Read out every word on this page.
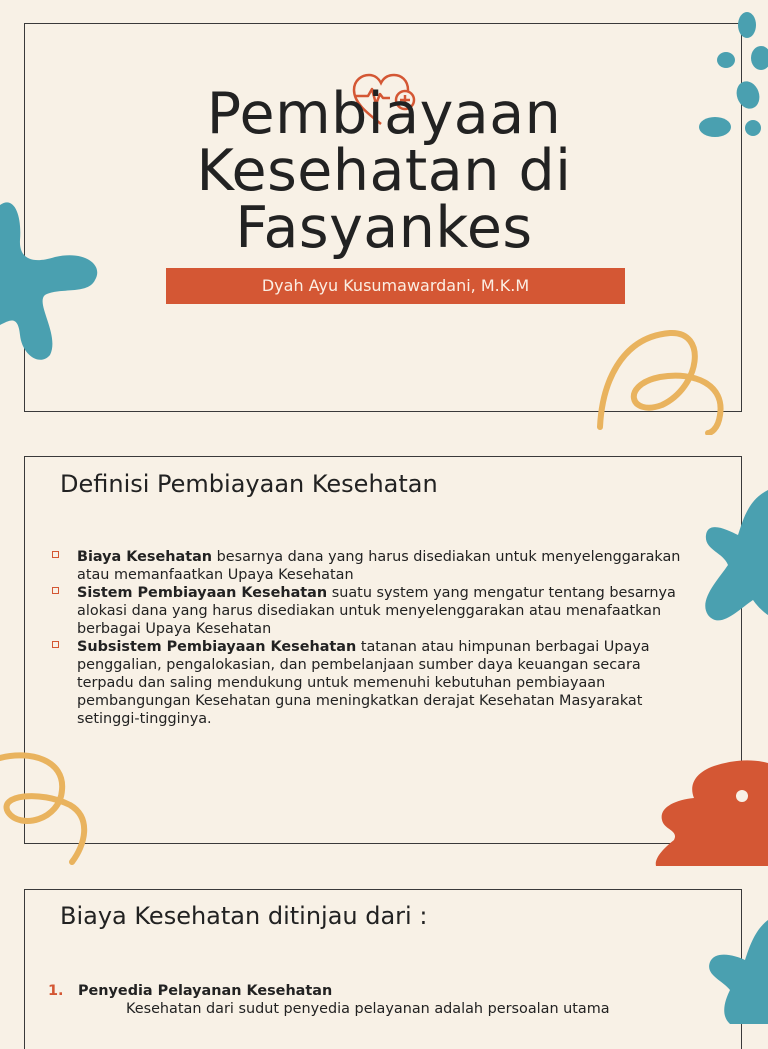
Pembiayaan
Kesehatan di
Fasyankes
Dyah Ayu Kusumawardani, M.K.M
Definisi Pembiayaan Kesehatan
Biaya Kesehatan besarnya dana yang harus disediakan untuk menyelenggarakan atau memanfaatkan Upaya Kesehatan
Sistem Pembiayaan Kesehatan suatu system yang mengatur tentang besarnya alokasi dana yang harus disediakan untuk menyelenggarakan atau menafaatkan berbagai Upaya Kesehatan
Subsistem Pembiayaan Kesehatan tatanan atau himpunan berbagai Upaya penggalian, pengalokasian, dan pembelanjaan sumber daya keuangan secara terpadu dan saling mendukung untuk memenuhi kebutuhan pembiayaan pembangungan Kesehatan guna meningkatkan derajat Kesehatan Masyarakat setinggi-tingginya.
Biaya Kesehatan ditinjau dari :
1. Penyedia Pelayanan Kesehatan
Kesehatan dari sudut penyedia pelayanan adalah persoalan utama
